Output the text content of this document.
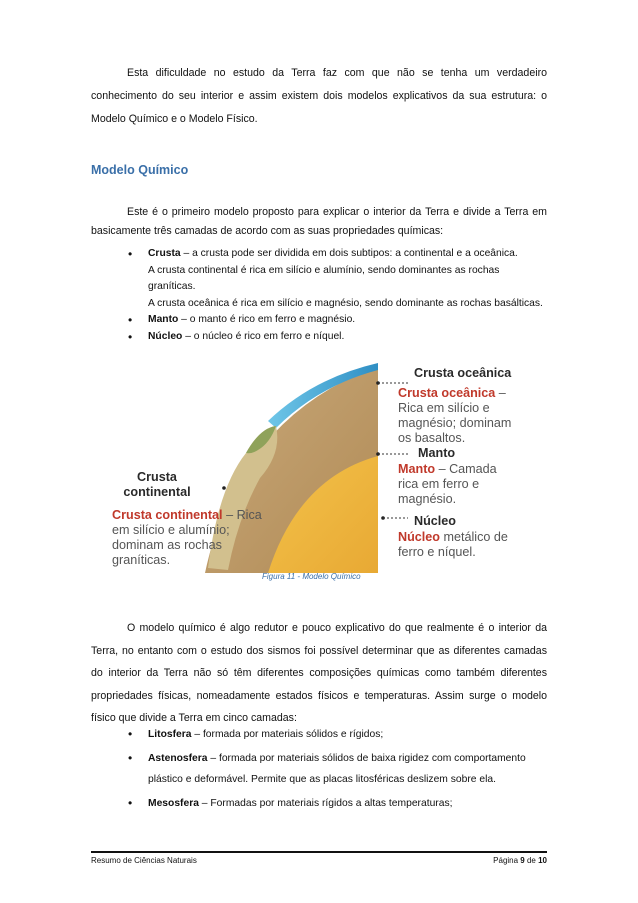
Esta dificuldade no estudo da Terra faz com que não se tenha um verdadeiro conhecimento do seu interior e assim existem dois modelos explicativos da sua estrutura: o Modelo Químico e o Modelo Físico.

Modelo Químico

Este é o primeiro modelo proposto para explicar o interior da Terra e divide a Terra em basicamente três camadas de acordo com as suas propriedades químicas:

• Crusta – a crusta pode ser dividida em dois subtipos: a continental e a oceânica.
A crusta continental é rica em silício e alumínio, sendo dominantes as rochas graníticas.
A crusta oceânica é rica em silício e magnésio, sendo dominante as rochas basálticas.
• Manto – o manto é rico em ferro e magnésio.
• Núcleo – o núcleo é rico em ferro e níquel.
Crusta oceânica
Crusta oceânica – Rica em silício e magnésio; dominam os basaltos.
Manto
Manto – Camada rica em ferro e magnésio.
Núcleo
Núcleo metálico de ferro e níquel.
Crusta continental
Crusta continental – Rica em silício e alumínio; dominam as rochas graníticas.
Figura 11 - Modelo Químico

O modelo químico é algo redutor e pouco explicativo do que realmente é o interior da Terra, no entanto com o estudo dos sismos foi possível determinar que as diferentes camadas do interior da Terra não só têm diferentes composições químicas como também diferentes propriedades físicas, nomeadamente estados físicos e temperaturas. Assim surge o modelo físico que divide a Terra em cinco camadas:

• Litosfera – formada por materiais sólidos e rígidos;
• Astenosfera – formada por materiais sólidos de baixa rigidez com comportamento plástico e deformável. Permite que as placas litosféricas deslizem sobre ela.
• Mesosfera – Formadas por materiais rígidos a altas temperaturas;
Resumo de Ciências Naturais	Página 9 de 10
